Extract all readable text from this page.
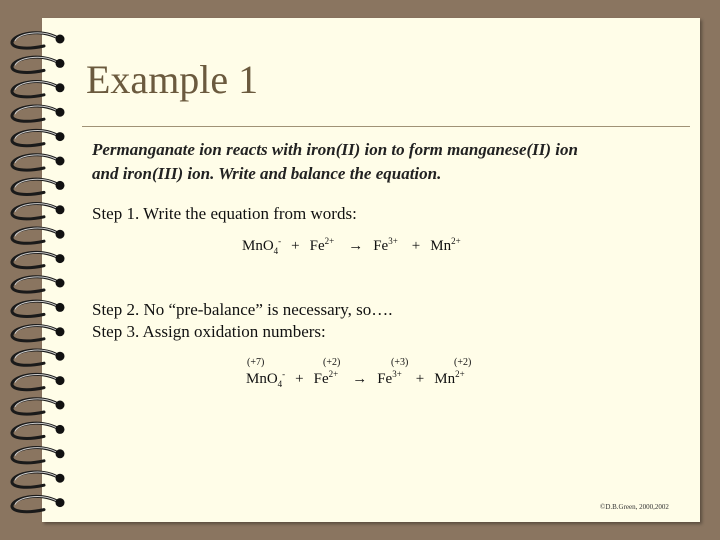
Example 1
Permanganate ion reacts with iron(II) ion to form manganese(II) ion
and iron(III) ion. Write and balance the equation.
Step 1. Write the equation from words:
$MnO_4^- + Fe^{2+} \to Fe^{3+} + Mn^{2+}$
Step 2. No “pre-balance” is necessary, so….
Step 3. Assign oxidation numbers:
(+7)	(+2)	(+3)	(+2)
$MnO_4^- + Fe^{2+} \to Fe^{3+} + Mn^{2+}$
©D.B.Green, 2000,2002
